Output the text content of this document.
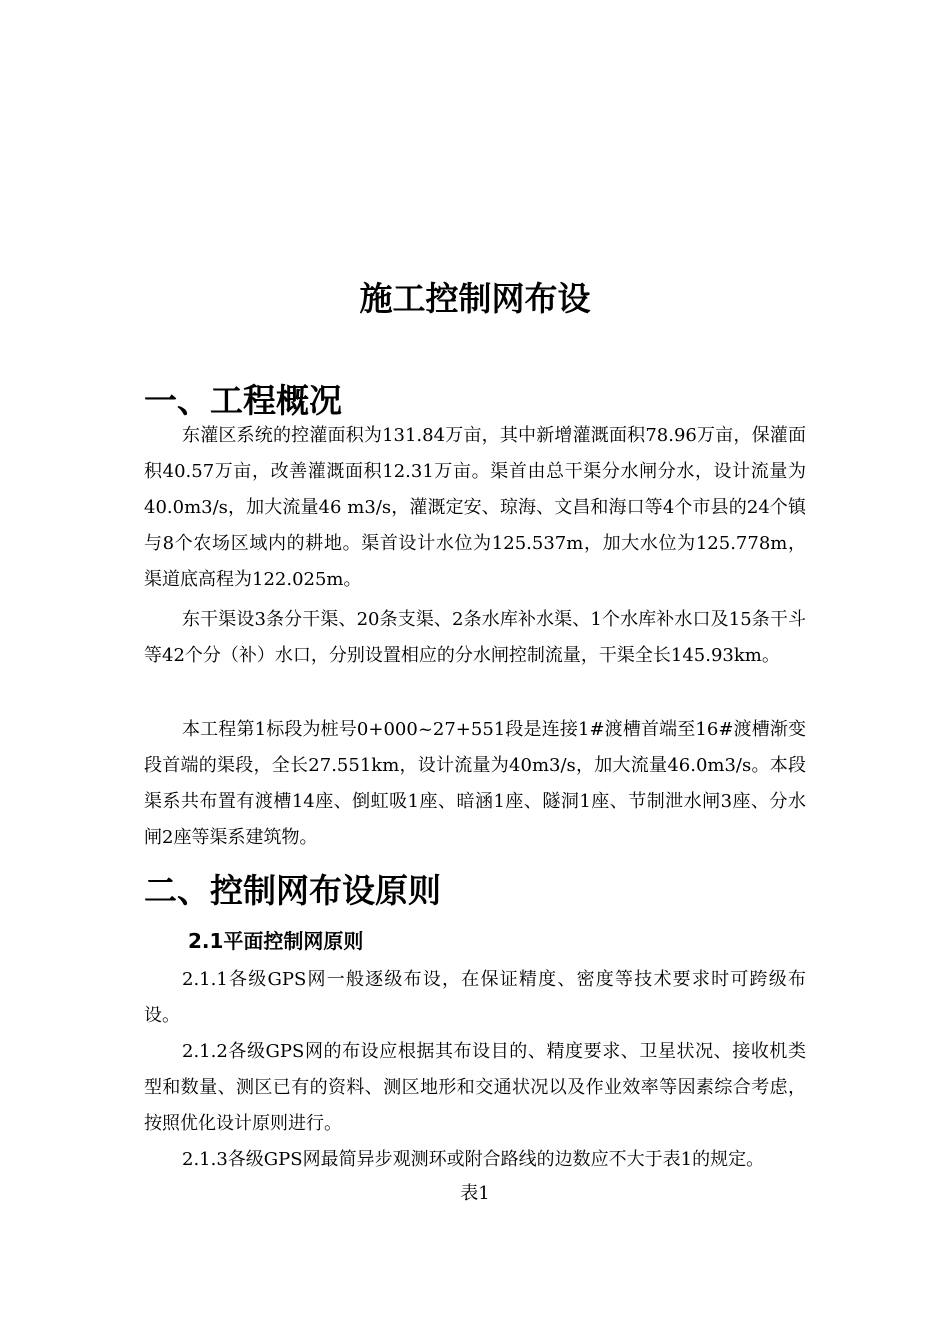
施工控制网布设
一、工程概况

东灌区系统的控灌面积为131.84万亩，其中新增灌溉面积78.96万亩，保灌面积40.57万亩，改善灌溉面积12.31万亩。渠首由总干渠分水闸分水，设计流量为40.0m3/s，加大流量46 m3/s，灌溉定安、琼海、文昌和海口等4个市县的24个镇与8个农场区域内的耕地。渠首设计水位为125.537m，加大水位为125.778m，渠道底高程为122.025m。

东干渠设3条分干渠、20条支渠、2条水库补水渠、1个水库补水口及15条干斗等42个分（补）水口，分别设置相应的分水闸控制流量，干渠全长145.93km。

本工程第1标段为桩号0+000~27+551段是连接1#渡槽首端至16#渡槽渐变段首端的渠段，全长27.551km，设计流量为40m3/s，加大流量46.0m3/s。本段渠系共布置有渡槽14座、倒虹吸1座、暗涵1座、隧洞1座、节制泄水闸3座、分水闸2座等渠系建筑物。

二、控制网布设原则
2.1平面控制网原则

2.1.1各级GPS网一般逐级布设，在保证精度、密度等技术要求时可跨级布设。

2.1.2各级GPS网的布设应根据其布设目的、精度要求、卫星状况、接收机类型和数量、测区已有的资料、测区地形和交通状况以及作业效率等因素综合考虑，按照优化设计原则进行。

2.1.3各级GPS网最简异步观测环或附合路线的边数应不大于表1的规定。

表1
